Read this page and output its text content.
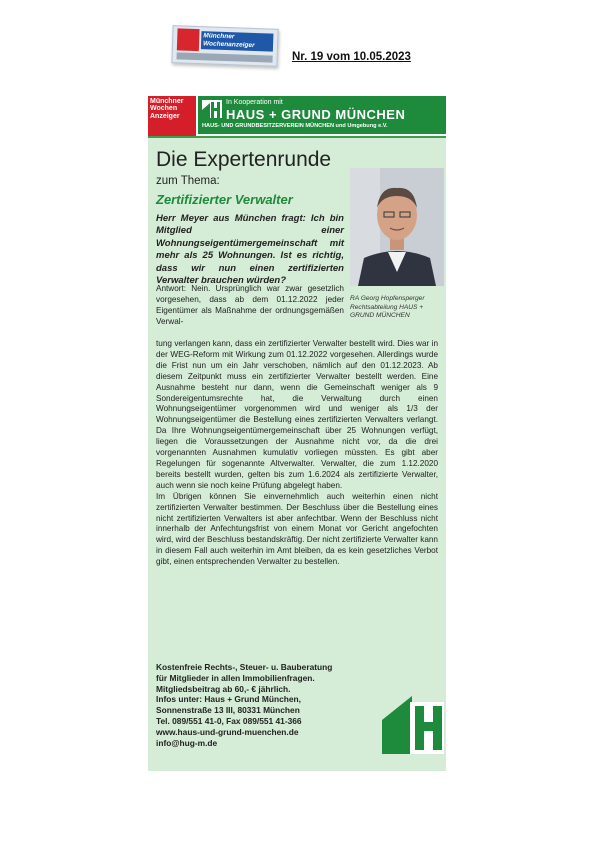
Münchner Wochenanzeiger
Nr. 19 vom 10.05.2023
Münchner Wochen Anzeiger
In Kooperation mit
HAUS + GRUND MÜNCHEN
HAUS- UND GRUNDBESITZERVEREIN MÜNCHEN und Umgebung e.V.
Die Expertenrunde
zum Thema:
Zertifizierter Verwalter
Herr Meyer aus München fragt: Ich bin Mitglied einer Wohnungseigentümergemeinschaft mit mehr als 25 Wohnungen. Ist es richtig, dass wir nun einen zertifizierten Verwalter brauchen würden?
RA Georg Hopfensperger Rechtsabteilung HAUS + GRUND MÜNCHEN
Antwort: Nein. Ursprünglich war zwar gesetzlich vorgesehen, dass ab dem 01.12.2022 jeder Eigentümer als Maßnahme der ordnungsgemäßen Verwal-

tung verlangen kann, dass ein zertifizierter Verwalter bestellt wird. Dies war in der WEG-Reform mit Wirkung zum 01.12.2022 vorgesehen. Allerdings wurde die Frist nun um ein Jahr verschoben, nämlich auf den 01.12.2023. Ab diesem Zeitpunkt muss ein zertifizierter Verwalter bestellt werden. Eine Ausnahme besteht nur dann, wenn die Gemeinschaft weniger als 9 Sondereigentumsrechte hat, die Verwaltung durch einen Wohnungseigentümer vorgenommen wird und weniger als 1/3 der Wohnungseigentümer die Bestellung eines zertifizierten Verwalters verlangt. Da Ihre Wohnungseigentümergemeinschaft über 25 Wohnungen verfügt, liegen die Voraussetzungen der Ausnahme nicht vor, da die drei vorgenannten Ausnahmen kumulativ vorliegen müssten. Es gibt aber Regelungen für sogenannte Altverwalter. Verwalter, die zum 1.12.2020 bereits bestellt wurden, gelten bis zum 1.6.2024 als zertifizierte Verwalter, auch wenn sie noch keine Prüfung abgelegt haben.

Im Übrigen können Sie einvernehmlich auch weiterhin einen nicht zertifizierten Verwalter bestimmen. Der Beschluss über die Bestellung eines nicht zertifizierten Verwalters ist aber anfechtbar. Wenn der Beschluss nicht innerhalb der Anfechtungsfrist von einem Monat vor Gericht angefochten wird, wird der Beschluss bestandskräftig. Der nicht zertifizierte Verwalter kann in diesem Fall auch weiterhin im Amt bleiben, da es kein gesetzliches Verbot gibt, einen entsprechenden Verwalter zu bestellen.

Kostenfreie Rechts-, Steuer- u. Bauberatung
für Mitglieder in allen Immobilienfragen.
Mitgliedsbeitrag ab 60,- € jährlich.
Infos unter: Haus + Grund München,
Sonnenstraße 13 III, 80331 München
Tel. 089/551 41-0, Fax 089/551 41-366
www.haus-und-grund-muenchen.de
info@hug-m.de
